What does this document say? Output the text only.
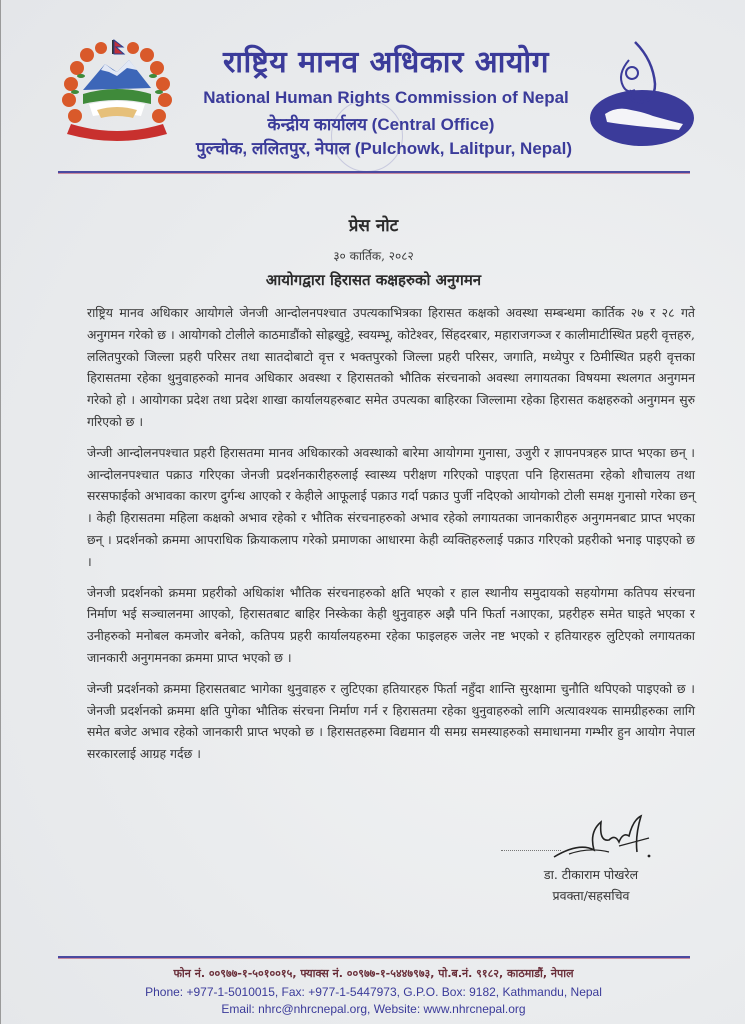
राष्ट्रिय मानव अधिकार आयोग
National Human Rights Commission of Nepal
केन्द्रीय कार्यालय (Central Office)
पुल्चोक, ललितपुर, नेपाल (Pulchowk, Lalitpur, Nepal)
प्रेस नोट
३० कार्तिक, २०८२
आयोगद्वारा हिरासत कक्षहरुको अनुगमन

राष्ट्रिय मानव अधिकार आयोगले जेनजी आन्दोलनपश्चात उपत्यकाभित्रका हिरासत कक्षको अवस्था सम्बन्धमा कार्तिक २७ र २८ गते अनुगमन गरेको छ । आयोगको टोलीले काठमाडौंको सोह्रखुट्टे, स्वयम्भू, कोटेश्वर, सिंहदरबार, महाराजगञ्ज र कालीमाटीस्थित प्रहरी वृत्तहरु, ललितपुरको जिल्ला प्रहरी परिसर तथा सातदोबाटो वृत्त र भक्तपुरको जिल्ला प्रहरी परिसर, जगाति, मध्येपुर र ठिमीस्थित प्रहरी वृत्तका हिरासतमा रहेका थुनुवाहरुको मानव अधिकार अवस्था र हिरासतको भौतिक संरचनाको अवस्था लगायतका विषयमा स्थलगत अनुगमन गरेको हो । आयोगका प्रदेश तथा प्रदेश शाखा कार्यालयहरुबाट समेत उपत्यका बाहिरका जिल्लामा रहेका हिरासत कक्षहरुको अनुगमन सुरु गरिएको छ ।

जेन्जी आन्दोलनपश्चात प्रहरी हिरासतमा मानव अधिकारको अवस्थाको बारेमा आयोगमा गुनासा, उजुरी र ज्ञापनपत्रहरु प्राप्त भएका छन् । आन्दोलनपश्चात पक्राउ गरिएका जेनजी प्रदर्शनकारीहरुलाई स्वास्थ्य परीक्षण गरिएको पाइएता पनि हिरासतमा रहेको शौचालय तथा सरसफाईको अभावका कारण दुर्गन्ध आएको र केहीले आफूलाई पक्राउ गर्दा पक्राउ पुर्जी नदिएको आयोगको टोली समक्ष गुनासो गरेका छन् । केही हिरासतमा महिला कक्षको अभाव रहेको र भौतिक संरचनाहरुको अभाव रहेको लगायतका जानकारीहरु अनुगमनबाट प्राप्त भएका छन् । प्रदर्शनको क्रममा आपराधिक क्रियाकलाप गरेको प्रमाणका आधारमा केही व्यक्तिहरुलाई पक्राउ गरिएको प्रहरीको भनाइ पाइएको छ ।

जेनजी प्रदर्शनको क्रममा प्रहरीको अधिकांश भौतिक संरचनाहरुको क्षति भएको र हाल स्थानीय समुदायको सहयोगमा कतिपय संरचना निर्माण भई सञ्चालनमा आएको, हिरासतबाट बाहिर निस्केका केही थुनुवाहरु अझै पनि फिर्ता नआएका, प्रहरीहरु समेत घाइते भएका र उनीहरुको मनोबल कमजोर बनेको, कतिपय प्रहरी कार्यालयहरुमा रहेका फाइलहरु जलेर नष्ट भएको र हतियारहरु लुटिएको लगायतका जानकारी अनुगमनका क्रममा प्राप्त भएको छ ।

जेन्जी प्रदर्शनको क्रममा हिरासतबाट भागेका थुनुवाहरु र लुटिएका हतियारहरु फिर्ता नहुँदा शान्ति सुरक्षामा चुनौति थपिएको पाइएको छ । जेनजी प्रदर्शनको क्रममा क्षति पुगेका भौतिक संरचना निर्माण गर्न र हिरासतमा रहेका थुनुवाहरुको लागि अत्यावश्यक सामग्रीहरुका लागि समेत बजेट अभाव रहेको जानकारी प्राप्त भएको छ । हिरासतहरुमा विद्यमान यी समग्र समस्याहरुको समाधानमा गम्भीर हुन आयोग नेपाल सरकारलाई आग्रह गर्दछ ।

डा. टीकाराम पोखरेल
प्रवक्ता/सहसचिव
फोन नं. ००९७७-१-५०१००१५, फ्याक्स नं. ००९७७-१-५४४७९७३, पो.ब.नं. ९१८२, काठमाडौं, नेपाल
Phone: +977-1-5010015, Fax: +977-1-5447973, G.P.O. Box: 9182, Kathmandu, Nepal
Email: nhrc@nhrcnepal.org, Website: www.nhrcnepal.org
